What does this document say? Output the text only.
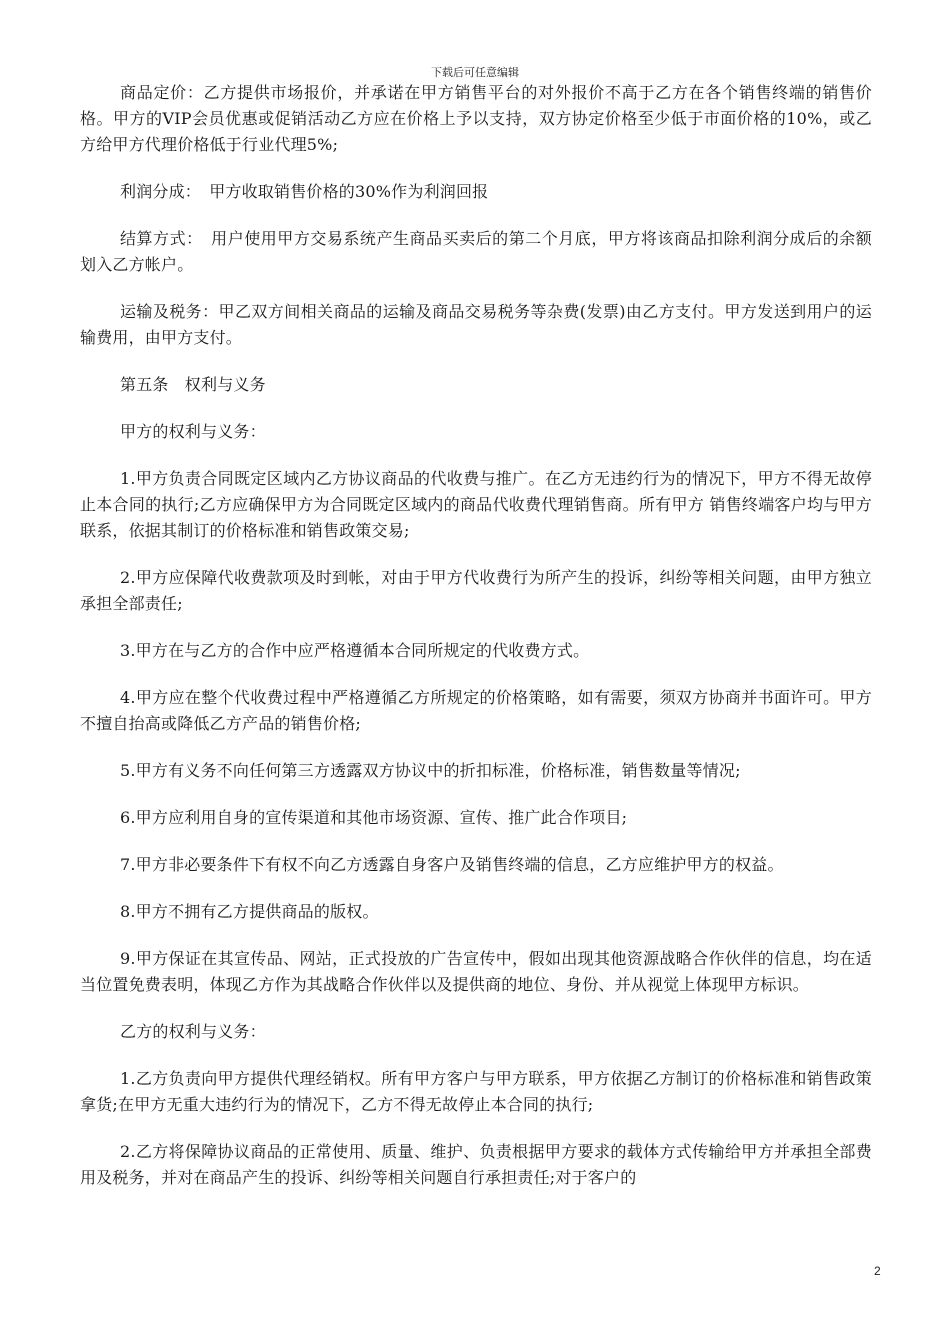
下载后可任意编辑

商品定价：乙方提供市场报价，并承诺在甲方销售平台的对外报价不高于乙方在各个销售终端的销售价格。甲方的VIP会员优惠或促销活动乙方应在价格上予以支持，双方协定价格至少低于市面价格的10%，或乙方给甲方代理价格低于行业代理5%;

利润分成：　甲方收取销售价格的30%作为利润回报

结算方式：　用户使用甲方交易系统产生商品买卖后的第二个月底，甲方将该商品扣除利润分成后的余额划入乙方帐户。

运输及税务：甲乙双方间相关商品的运输及商品交易税务等杂费(发票)由乙方支付。甲方发送到用户的运输费用，由甲方支付。

第五条　权利与义务

甲方的权利与义务：

1.甲方负责合同既定区域内乙方协议商品的代收费与推广。在乙方无违约行为的情况下，甲方不得无故停止本合同的执行;乙方应确保甲方为合同既定区域内的商品代收费代理销售商。所有甲方 销售终端客户均与甲方联系，依据其制订的价格标准和销售政策交易;

2.甲方应保障代收费款项及时到帐，对由于甲方代收费行为所产生的投诉，纠纷等相关问题，由甲方独立承担全部责任;

3.甲方在与乙方的合作中应严格遵循本合同所规定的代收费方式。

4.甲方应在整个代收费过程中严格遵循乙方所规定的价格策略，如有需要，须双方协商并书面许可。甲方不擅自抬高或降低乙方产品的销售价格;

5.甲方有义务不向任何第三方透露双方协议中的折扣标准，价格标准，销售数量等情况;

6.甲方应利用自身的宣传渠道和其他市场资源、宣传、推广此合作项目;

7.甲方非必要条件下有权不向乙方透露自身客户及销售终端的信息，乙方应维护甲方的权益。

8.甲方不拥有乙方提供商品的版权。

9.甲方保证在其宣传品、网站，正式投放的广告宣传中，假如出现其他资源战略合作伙伴的信息，均在适当位置免费表明，体现乙方作为其战略合作伙伴以及提供商的地位、身份、并从视觉上体现甲方标识。

乙方的权利与义务：

1.乙方负责向甲方提供代理经销权。所有甲方客户与甲方联系，甲方依据乙方制订的价格标准和销售政策拿货;在甲方无重大违约行为的情况下，乙方不得无故停止本合同的执行;

2.乙方将保障协议商品的正常使用、质量、维护、负责根据甲方要求的载体方式传输给甲方并承担全部费用及税务，并对在商品产生的投诉、纠纷等相关问题自行承担责任;对于客户的

2
